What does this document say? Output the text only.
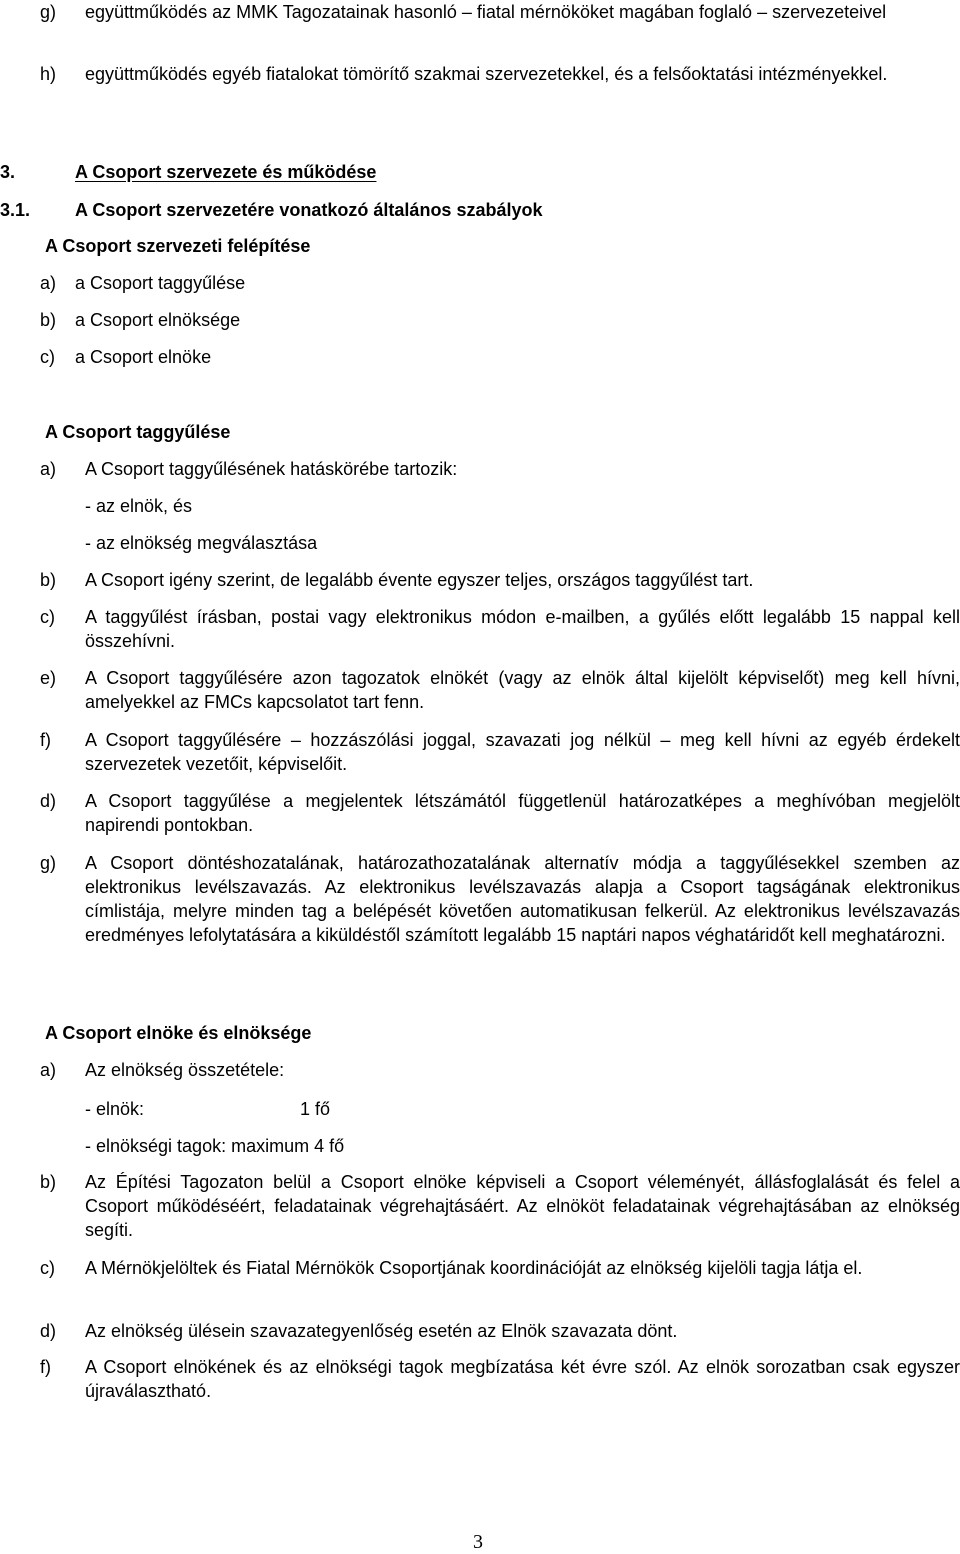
g) együttműködés az MMK Tagozatainak hasonló – fiatal mérnököket magában foglaló – szervezeteivel
h) együttműködés egyéb fiatalokat tömörítő szakmai szervezetekkel, és a felsőoktatási intézményekkel.
3.	A Csoport szervezete és működése
3.1. A Csoport szervezetére vonatkozó általános szabályok
A Csoport szervezeti felépítése
a) a Csoport taggyűlése
b) a Csoport elnöksége
c) a Csoport elnöke
A Csoport taggyűlése
a) A Csoport taggyűlésének hatáskörébe tartozik:
- az elnök, és
- az elnökség megválasztása
b) A Csoport igény szerint, de legalább évente egyszer teljes, országos taggyűlést tart.
c) A taggyűlést írásban, postai vagy elektronikus módon e-mailben, a gyűlés előtt legalább 15 nappal kell összehívni.
e) A Csoport taggyűlésére azon tagozatok elnökét (vagy az elnök által kijelölt képviselőt) meg kell hívni, amelyekkel az FMCs kapcsolatot tart fenn.
f) A Csoport taggyűlésére – hozzászólási joggal, szavazati jog nélkül – meg kell hívni az egyéb érdekelt szervezetek vezetőit, képviselőit.
d) A Csoport taggyűlése a megjelentek létszámától függetlenül határozatképes a meghívóban megjelölt napirendi pontokban.
g) A Csoport döntéshozatalának, határozathozatalának alternatív módja a taggyűlésekkel szemben az elektronikus levélszavazás. Az elektronikus levélszavazás alapja a Csoport tagságának elektronikus címlistája, melyre minden tag a belépését követően automatikusan felkerül. Az elektronikus levélszavazás eredményes lefolytatására a kiküldéstől számított legalább 15 naptári napos véghatáridőt kell meghatározni.
A Csoport elnöke és elnöksége
a) Az elnökség összetétele:
- elnök:	1 fő
- elnökségi tagok: maximum 4 fő
b) Az Építési Tagozaton belül a Csoport elnöke képviseli a Csoport véleményét, állásfoglalását és felel a Csoport működéséért, feladatainak végrehajtásáért. Az elnököt feladatainak végrehajtásában az elnökség segíti.
c) A Mérnökjelöltek és Fiatal Mérnökök Csoportjának koordinációját az elnökség kijelöli tagja látja el.
d) Az elnökség ülésein szavazategyenlőség esetén az Elnök szavazata dönt.
f) A Csoport elnökének és az elnökségi tagok megbízatása két évre szól. Az elnök sorozatban csak egyszer újraválasztható.
3
